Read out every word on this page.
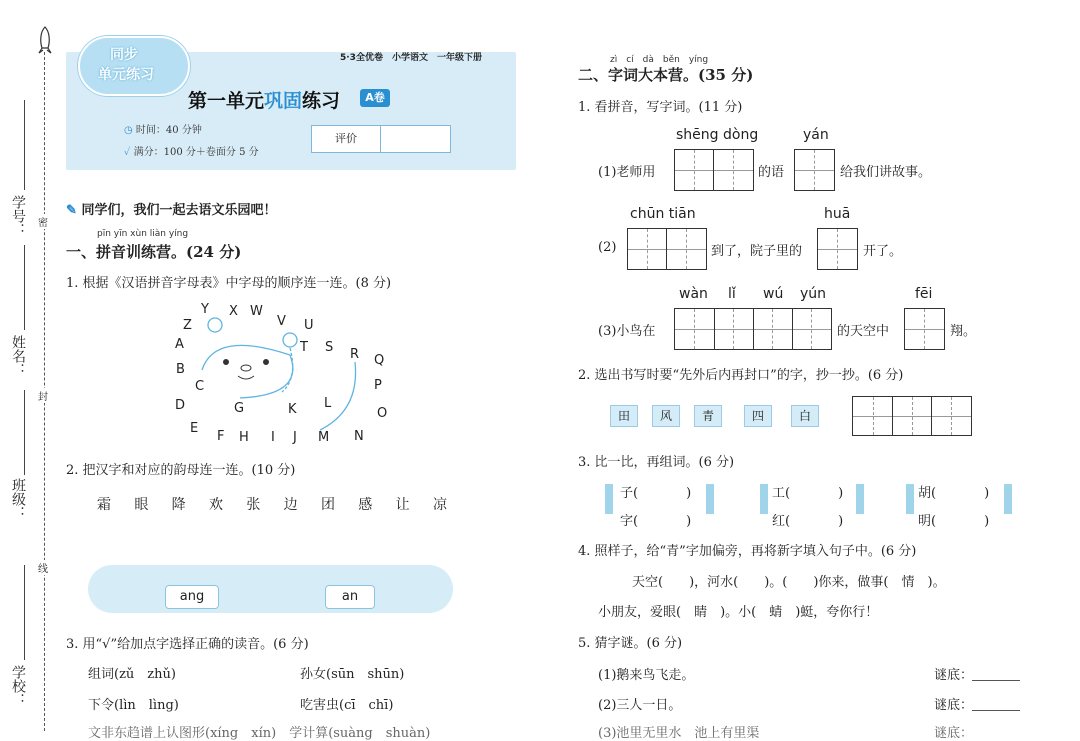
学号：
姓名：
班级：
学校：
密
封
线
同步
单元练习
5·3全优卷　小学语文　一年级下册
第一单元巩固练习	A卷
◷ 时间：40 分钟
✓ 满分：100 分＋卷面分 5 分
评价
✎ 同学们，我们一起去语文乐园吧！
pīn yīn xùn liàn yíng
一、拼音训练营。(24 分)
1. 根据《汉语拼音字母表》中字母的顺序连一连。(8 分)
Y X W
Z	V U
A	T S R Q
B
P
C
D	G	K L
O
E
F H I J M N
2. 把汉字和对应的韵母连一连。(10 分)
霜 眼 降 欢 张 边 团 感 让 凉
ang	an
3. 用“√”给加点字选择正确的读音。(6 分)
组词(zǔ　zhǔ)	孙女(sūn　shūn)
下令(lìn　lìng)	吃害虫(cī　chī)
文非东趋谱上认图形(xíng　xín)　学计算(suàng　shuàn)
zì　cí　dà　běn　yíng
二、字词大本营。(35 分)
1. 看拼音，写字词。(11 分)
shēng dòng	yán
(1)老师用	的语	给我们讲故事。
chūn tiān	huā
(2)	到了，院子里的	开了。
wàn lǐ wú yún	fēi
(3)小鸟在	的天空中	翔。
2. 选出书写时要“先外后内再封口”的字，抄一抄。(6 分)
田	风	青	四	白
3. 比一比，再组词。(6 分)
子(	)
字(	)
工(	)
红(	)
胡(	)
明(	)
4. 照样子，给“青”字加偏旁，再将新字填入句子中。(6 分)
天空(　　)，河水(　　)。(　　)你来，做事(　情　)。
小朋友，爱眼(　睛　)。小(　蜻　)蜓，夸你行！
5. 猜字谜。(6 分)
(1)鹅来鸟飞走。	谜底：
(2)三人一日。	谜底：
(3)池里无里水　池上有里渠	谜底：
